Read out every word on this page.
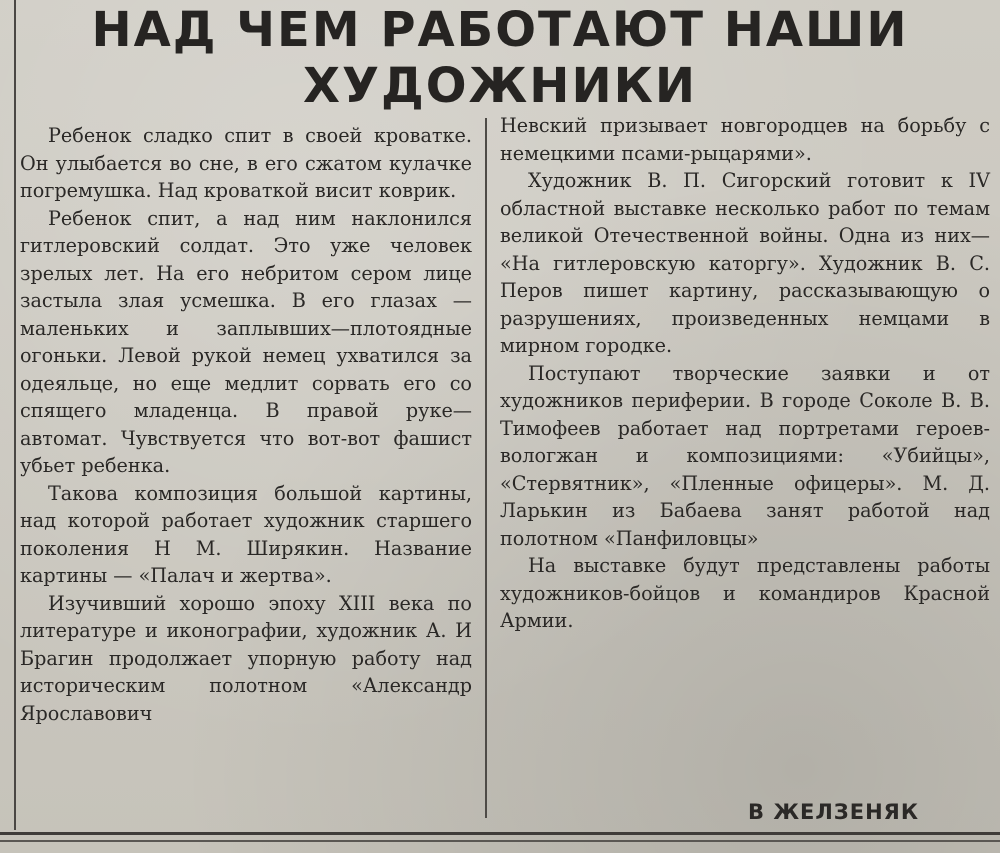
НАД ЧЕМ РАБОТАЮТ НАШИ ХУДОЖНИКИ

Ребенок сладко спит в своей кроватке. Он улыбается во сне, в его сжатом кулачке погремушка. Над кроваткой висит коврик.

Ребенок спит, а над ним наклонился гитлеровский солдат. Это уже человек зрелых лет. На его небритом сером лице застыла злая усмешка. В его глазах — маленьких и заплывших—плотоядные огоньки. Левой рукой немец ухватился за одеяльце, но еще медлит сорвать его со спящего младенца. В правой руке—автомат. Чувствуется что вот-вот фашист убьет ребенка.

Такова композиция большой картины, над которой работает художник старшего поколения Н М. Ширякин. Название картины — «Палач и жертва».

Изучивший хорошо эпоху XIII века по литературе и иконографии, художник А. И Брагин продолжает упорную работу над историческим полотном «Александр Ярославович

Невский призывает новгородцев на борьбу с немецкими псами-рыцарями».

Художник В. П. Сигорский готовит к IV областной выставке несколько работ по темам великой Отечественной войны. Одна из них— «На гитлеровскую каторгу». Художник В. С. Перов пишет картину, рассказывающую о разрушениях, произведенных немцами в мирном городке.

Поступают творческие заявки и от художников периферии. В городе Соколе В. В. Тимофеев работает над портретами героев-вологжан и композициями: «Убийцы», «Стервятник», «Пленные офицеры». М. Д. Ларькин из Бабаева занят работой над полотном «Панфиловцы»

На выставке будут представлены работы художников-бойцов и командиров Красной Армии.

В ЖЕЛЗЕНЯК
